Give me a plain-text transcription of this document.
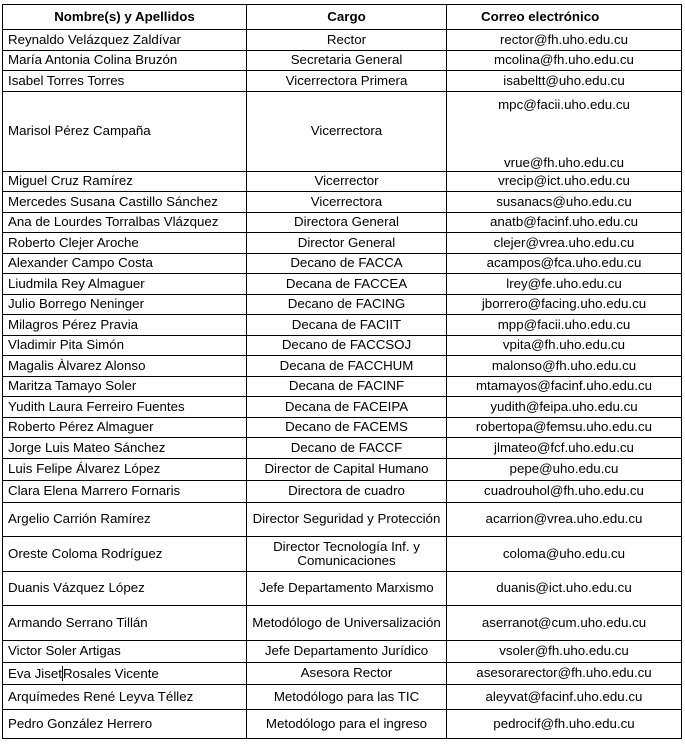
Nombre(s) y Apellidos	Cargo	Correo electrónico
Reynaldo Velázquez Zaldívar	Rector	rector@fh.uho.edu.cu
María Antonia Colina Bruzón	Secretaria General	mcolina@fh.uho.edu.cu
Isabel Torres Torres	Vicerrectora Primera	isabeltt@uho.edu.cu
Marisol Pérez Campaña	Vicerrectora	mpc@facii.uho.edu.cu
vrue@fh.uho.edu.cu

Miguel Cruz Ramírez	Vicerrector	vrecip@ict.uho.edu.cu
Mercedes Susana Castillo Sánchez	Vicerrectora	susanacs@uho.edu.cu
Ana de Lourdes Torralbas Vlázquez	Directora General	anatb@facinf.uho.edu.cu
Roberto Clejer Aroche	Director General	clejer@vrea.uho.edu.cu
Alexander Campo Costa	Decano de FACCA	acampos@fca.uho.edu.cu
Liudmila Rey Almaguer	Decana de FACCEA	lrey@fe.uho.edu.cu
Julio Borrego Neninger	Decano de FACING	jborrero@facing.uho.edu.cu
Milagros Pérez Pravia	Decana de FACIIT	mpp@facii.uho.edu.cu
Vladimir Pita Simón	Decano de FACCSOJ	vpita@fh.uho.edu.cu
Magalis Àlvarez Alonso	Decana de FACCHUM	malonso@fh.uho.edu.cu
Maritza Tamayo Soler	Decana de FACINF	mtamayos@facinf.uho.edu.cu
Yudith Laura Ferreiro Fuentes	Decana de FACEIPA	yudith@feipa.uho.edu.cu
Roberto Pérez Almaguer	Decano de FACEMS	robertopa@femsu.uho.edu.cu
Jorge Luis Mateo Sánchez	Decano de FACCF	jlmateo@fcf.uho.edu.cu
Luis Felipe Álvarez López	Director de Capital Humano	pepe@uho.edu.cu
Clara Elena Marrero Fornaris	Directora de cuadro	cuadrouhol@fh.uho.edu.cu
Argelio Carrión Ramírez	Director Seguridad y Protección	acarrion@vrea.uho.edu.cu
Oreste Coloma Rodríguez	Director Tecnología Inf. y Comunicaciones	coloma@uho.edu.cu
Duanis Vázquez López	Jefe Departamento Marxismo	duanis@ict.uho.edu.cu
Armando Serrano Tillán	Metodólogo de Universalización	aserranot@cum.uho.edu.cu
Victor Soler Artigas	Jefe Departamento Jurídico	vsoler@fh.uho.edu.cu
Eva JisetRosales Vicente	Asesora Rector	asesorarector@fh.uho.edu.cu
Arquímedes René Leyva Téllez	Metodólogo para las TIC	aleyvat@facinf.uho.edu.cu
Pedro González Herrero	Metodólogo para el ingreso	pedrocif@fh.uho.edu.cu
